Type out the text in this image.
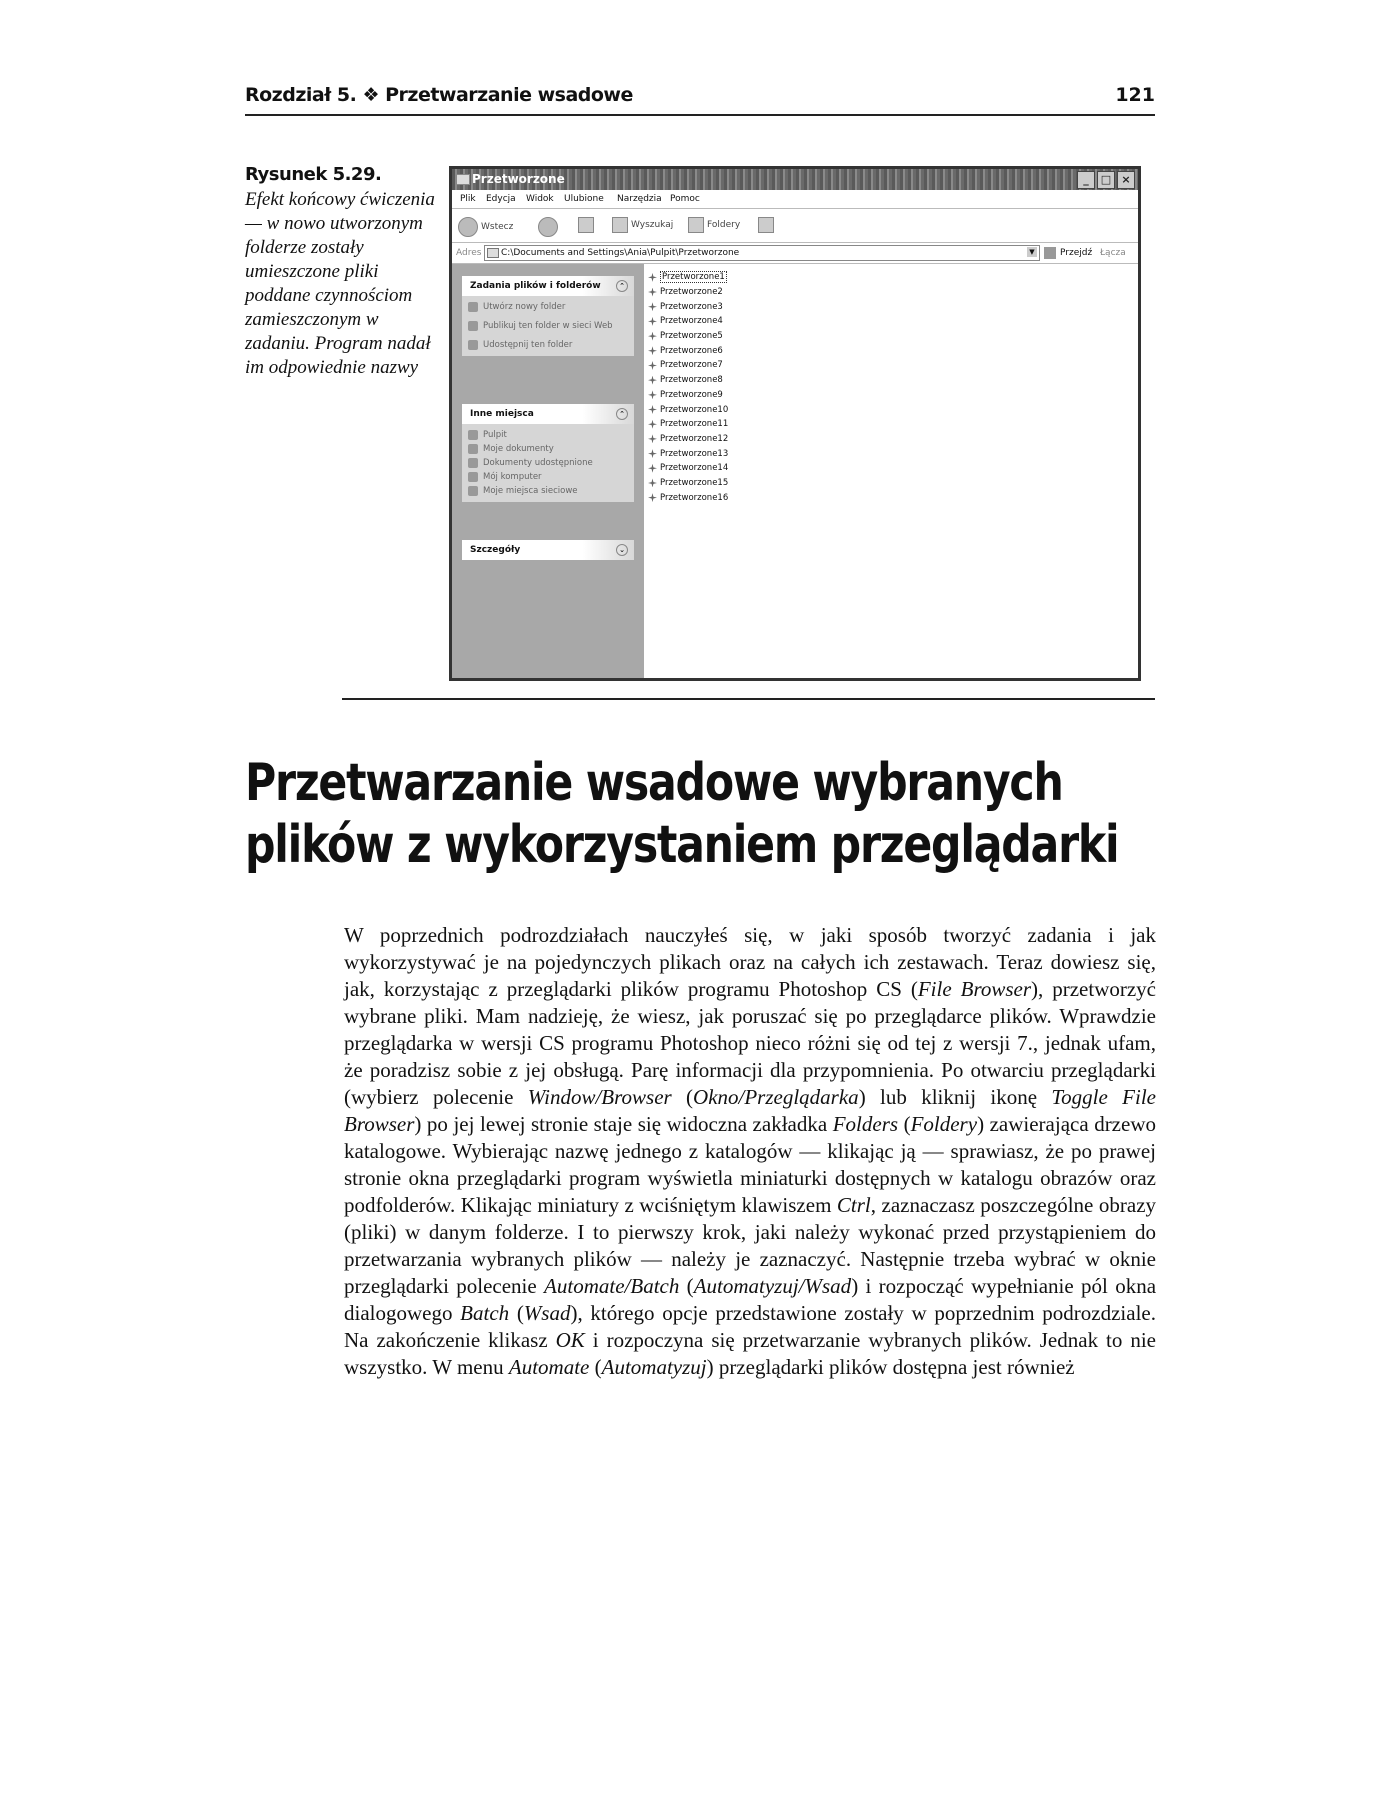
Rozdział 5. ❖ Przetwarzanie wsadowe	121
Rysunek 5.29.
Efekt końcowy ćwiczenia — w nowo utworzonym folderze zostały umieszczone pliki poddane czynnościom zamieszczonym w zadaniu. Program nadał im odpowiednie nazwy
Przetworzone	_	□ ×
Plik Edycja Widok Ulubione Narzędzia Pomoc
Wstecz	Wyszukaj	Foldery
Adres C:\Documents and Settings\Ania\Pulpit\Przetworzone	▼	Przejdź Łącza
Zadania plików i folderów	⌃
Utwórz nowy folder
Publikuj ten folder w sieci Web
Udostępnij ten folder
Inne miejsca	⌃
Pulpit
Moje dokumenty
Dokumenty udostępnione
Mój komputer
Moje miejsca sieciowe
Szczegóły	⌄
Przetworzone1
Przetworzone2
Przetworzone3
Przetworzone4
Przetworzone5
Przetworzone6
Przetworzone7
Przetworzone8
Przetworzone9
Przetworzone10
Przetworzone11
Przetworzone12
Przetworzone13
Przetworzone14
Przetworzone15
Przetworzone16
Przetwarzanie wsadowe wybranych
plików z wykorzystaniem przeglądarki

W poprzednich podrozdziałach nauczyłeś się, w jaki sposób tworzyć zadania i jak wykorzystywać je na pojedynczych plikach oraz na całych ich zestawach. Teraz dowiesz się, jak, korzystając z przeglądarki plików programu Photoshop CS (File Browser), przetworzyć wybrane pliki. Mam nadzieję, że wiesz, jak poruszać się po przeglądarce plików. Wprawdzie przeglądarka w wersji CS programu Photoshop nieco różni się od tej z wersji 7., jednak ufam, że poradzisz sobie z jej obsługą. Parę informacji dla przypomnienia. Po otwarciu przeglądarki (wybierz polecenie Window/Browser (Okno/Przeglądarka) lub kliknij ikonę Toggle File Browser) po jej lewej stronie staje się widoczna zakładka Folders (Foldery) zawierająca drzewo katalogowe. Wybierając nazwę jednego z katalogów — klikając ją — sprawiasz, że po prawej stronie okna przeglądarki program wyświetla miniaturki dostępnych w katalogu obrazów oraz podfolderów. Klikając miniatury z wciśniętym klawiszem Ctrl, zaznaczasz poszczególne obrazy (pliki) w danym folderze. I to pierwszy krok, jaki należy wykonać przed przystąpieniem do przetwarzania wybranych plików — należy je zaznaczyć. Następnie trzeba wybrać w oknie przeglądarki polecenie Automate/Batch (Automatyzuj/Wsad) i rozpocząć wypełnianie pól okna dialogowego Batch (Wsad), którego opcje przedstawione zostały w poprzednim podrozdziale. Na zakończenie klikasz OK i rozpoczyna się przetwarzanie wybranych plików. Jednak to nie wszystko. W menu Automate (Automatyzuj) przeglądarki plików dostępna jest również
